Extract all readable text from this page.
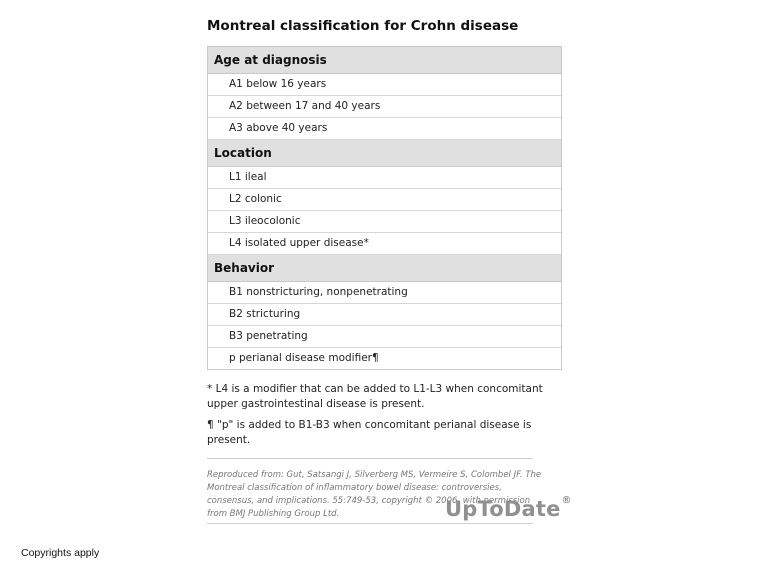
Montreal classification for Crohn disease
Age at diagnosis
A1 below 16 years
A2 between 17 and 40 years
A3 above 40 years
Location
L1 ileal
L2 colonic
L3 ileocolonic
L4 isolated upper disease*
Behavior
B1 nonstricturing, nonpenetrating
B2 stricturing
B3 penetrating
p perianal disease modifier¶

* L4 is a modifier that can be added to L1-L3 when concomitant upper gastrointestinal disease is present.

¶ "p" is added to B1-B3 when concomitant perianal disease is present.

Reproduced from: Gut, Satsangi J, Silverberg MS, Vermeire S, Colombel JF. The Montreal classification of inflammatory bowel disease: controversies, consensus, and implications. 55:749-53, copyright © 2006, with permission from BMJ Publishing Group Ltd.	UpToDate®
Copyrights apply
